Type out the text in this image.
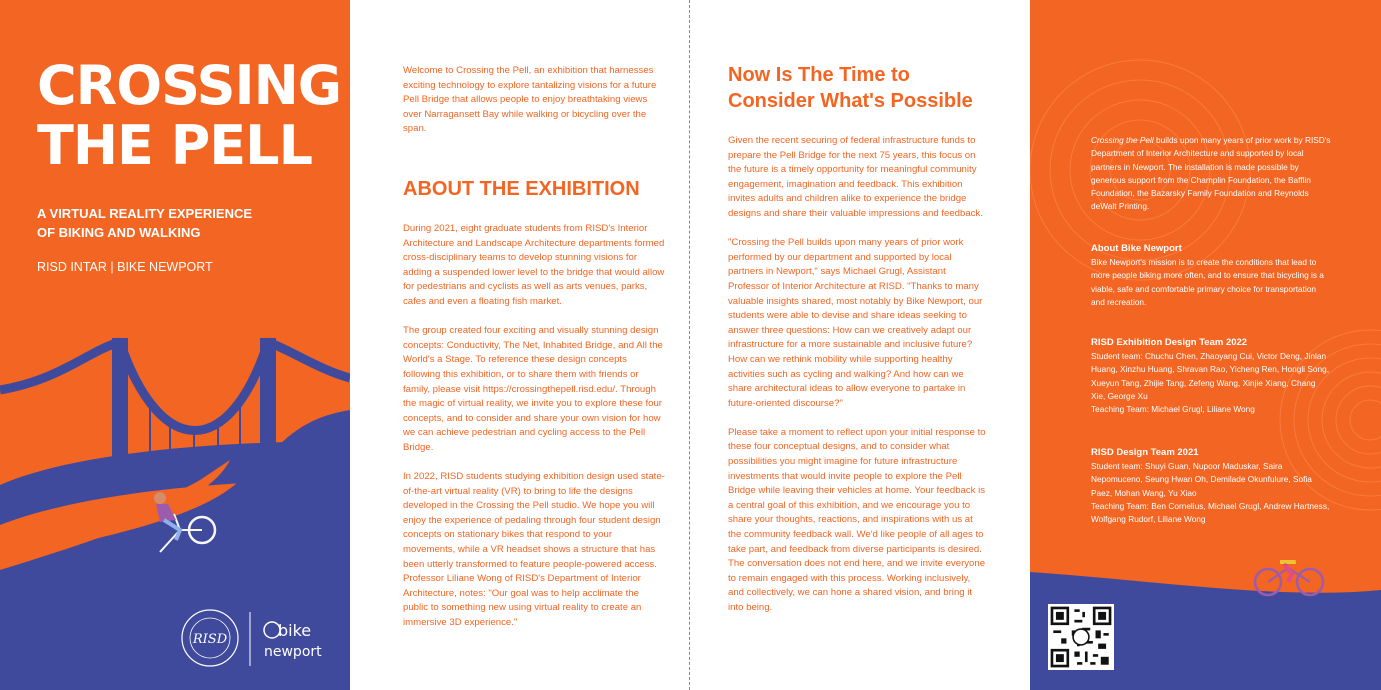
CROSSING
THE PELL
A VIRTUAL REALITY EXPERIENCE OF BIKING AND WALKING
RISD INTAR | BIKE NEWPORT
RISD	bike
newport
Welcome to Crossing the Pell, an exhibition that harnesses exciting technology to explore tantalizing visions for a future Pell Bridge that allows people to enjoy breathtaking views over Narragansett Bay while walking or bicycling over the span.
ABOUT THE EXHIBITION

During 2021, eight graduate students from RISD's Interior Architecture and Landscape Architecture departments formed cross-disciplinary teams to develop stunning visions for adding a suspended lower level to the bridge that would allow for pedestrians and cyclists as well as arts venues, parks, cafes and even a floating fish market.

The group created four exciting and visually stunning design concepts: Conductivity, The Net, Inhabited Bridge, and All the World's a Stage. To reference these design concepts following this exhibition, or to share them with friends or family, please visit https://crossingthepell.risd.edu/. Through the magic of virtual reality, we invite you to explore these four concepts, and to consider and share your own vision for how we can achieve pedestrian and cycling access to the Pell Bridge.

In 2022, RISD students studying exhibition design used state-of-the-art virtual reality (VR) to bring to life the designs developed in the Crossing the Pell studio. We hope you will enjoy the experience of pedaling through four student design concepts on stationary bikes that respond to your movements, while a VR headset shows a structure that has been utterly transformed to feature people-powered access. Professor Liliane Wong of RISD's Department of Interior Architecture, notes: "Our goal was to help acclimate the public to something new using virtual reality to create an immersive 3D experience."

Now Is The Time to
Consider What's Possible

Given the recent securing of federal infrastructure funds to prepare the Pell Bridge for the next 75 years, this focus on the future is a timely opportunity for meaningful community engagement, imagination and feedback. This exhibition invites adults and children alike to experience the bridge designs and share their valuable impressions and feedback.

"Crossing the Pell builds upon many years of prior work performed by our department and supported by local partners in Newport," says Michael Grugl, Assistant Professor of Interior Architecture at RISD. "Thanks to many valuable insights shared, most notably by Bike Newport, our students were able to devise and share ideas seeking to answer three questions: How can we creatively adapt our infrastructure for a more sustainable and inclusive future? How can we rethink mobility while supporting healthy activities such as cycling and walking? And how can we share architectural ideas to allow everyone to partake in future-oriented discourse?"

Please take a moment to reflect upon your initial response to these four conceptual designs, and to consider what possibilities you might imagine for future infrastructure investments that would invite people to explore the Pell Bridge while leaving their vehicles at home. Your feedback is a central goal of this exhibition, and we encourage you to share your thoughts, reactions, and inspirations with us at the community feedback wall. We'd like people of all ages to take part, and feedback from diverse participants is desired. The conversation does not end here, and we invite everyone to remain engaged with this process. Working inclusively, and collectively, we can hone a shared vision, and bring it into being.

Crossing the Pell builds upon many years of prior work by RISD's Department of Interior Architecture and supported by local partners in Newport. The installation is made possible by generous support from the Champlin Foundation, the Bafflin Foundation, the Bazarsky Family Foundation and Reynolds deWalt Printing.
About Bike Newport
Bike Newport's mission is to create the conditions that lead to more people biking more often, and to ensure that bicycling is a viable, safe and comfortable primary choice for transportation and recreation.
RISD Exhibition Design Team 2022
Student team: Chuchu Chen, Zhaoyang Cui, Victor Deng, Jinlan Huang, Xinzhu Huang, Shravan Rao, Yicheng Ren, Hongli Song, Xueyun Tang, Zhijie Tang, Zefeng Wang, Xinjie Xiang, Chang Xie, George Xu
Teaching Team: Michael Grugl, Liliane Wong
RISD Design Team 2021
Student team: Shuyi Guan, Nupoor Maduskar, Saira Nepomuceno, Seung Hwan Oh, Demilade Okunfulure, Sofia Paez, Mohan Wang, Yu Xiao
Teaching Team: Ben Cornelius, Michael Grugl, Andrew Hartness, Wolfgang Rudorf, Liliane Wong
